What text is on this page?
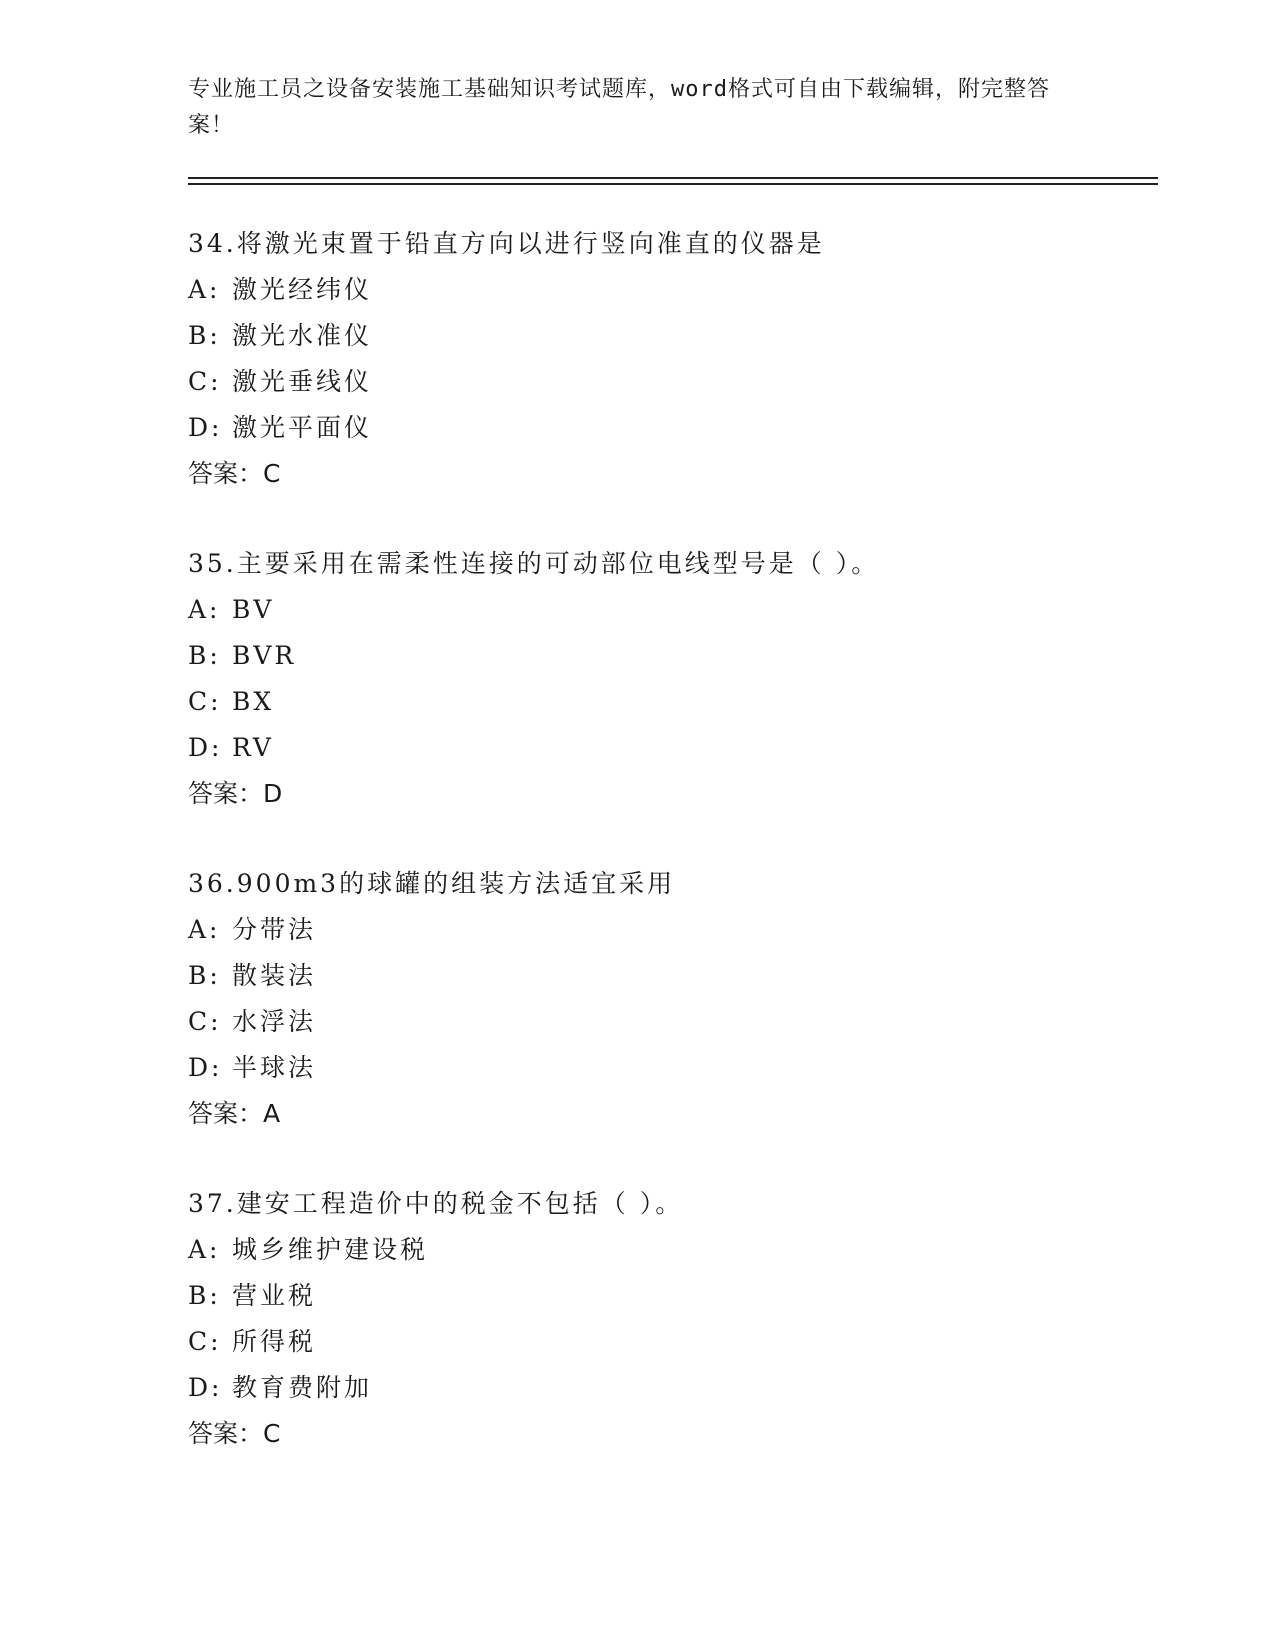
专业施工员之设备安装施工基础知识考试题库，word格式可自由下载编辑，附完整答案！
34.将激光束置于铅直方向以进行竖向准直的仪器是
A: 激光经纬仪
B: 激光水准仪
C: 激光垂线仪
D: 激光平面仪
答案：C
35.主要采用在需柔性连接的可动部位电线型号是（ ）。
A: BV
B: BVR
C: BX
D: RV
答案：D
36.900m3的球罐的组装方法适宜采用
A: 分带法
B: 散装法
C: 水浮法
D: 半球法
答案：A
37.建安工程造价中的税金不包括（ ）。
A: 城乡维护建设税
B: 营业税
C: 所得税
D: 教育费附加
答案：C
